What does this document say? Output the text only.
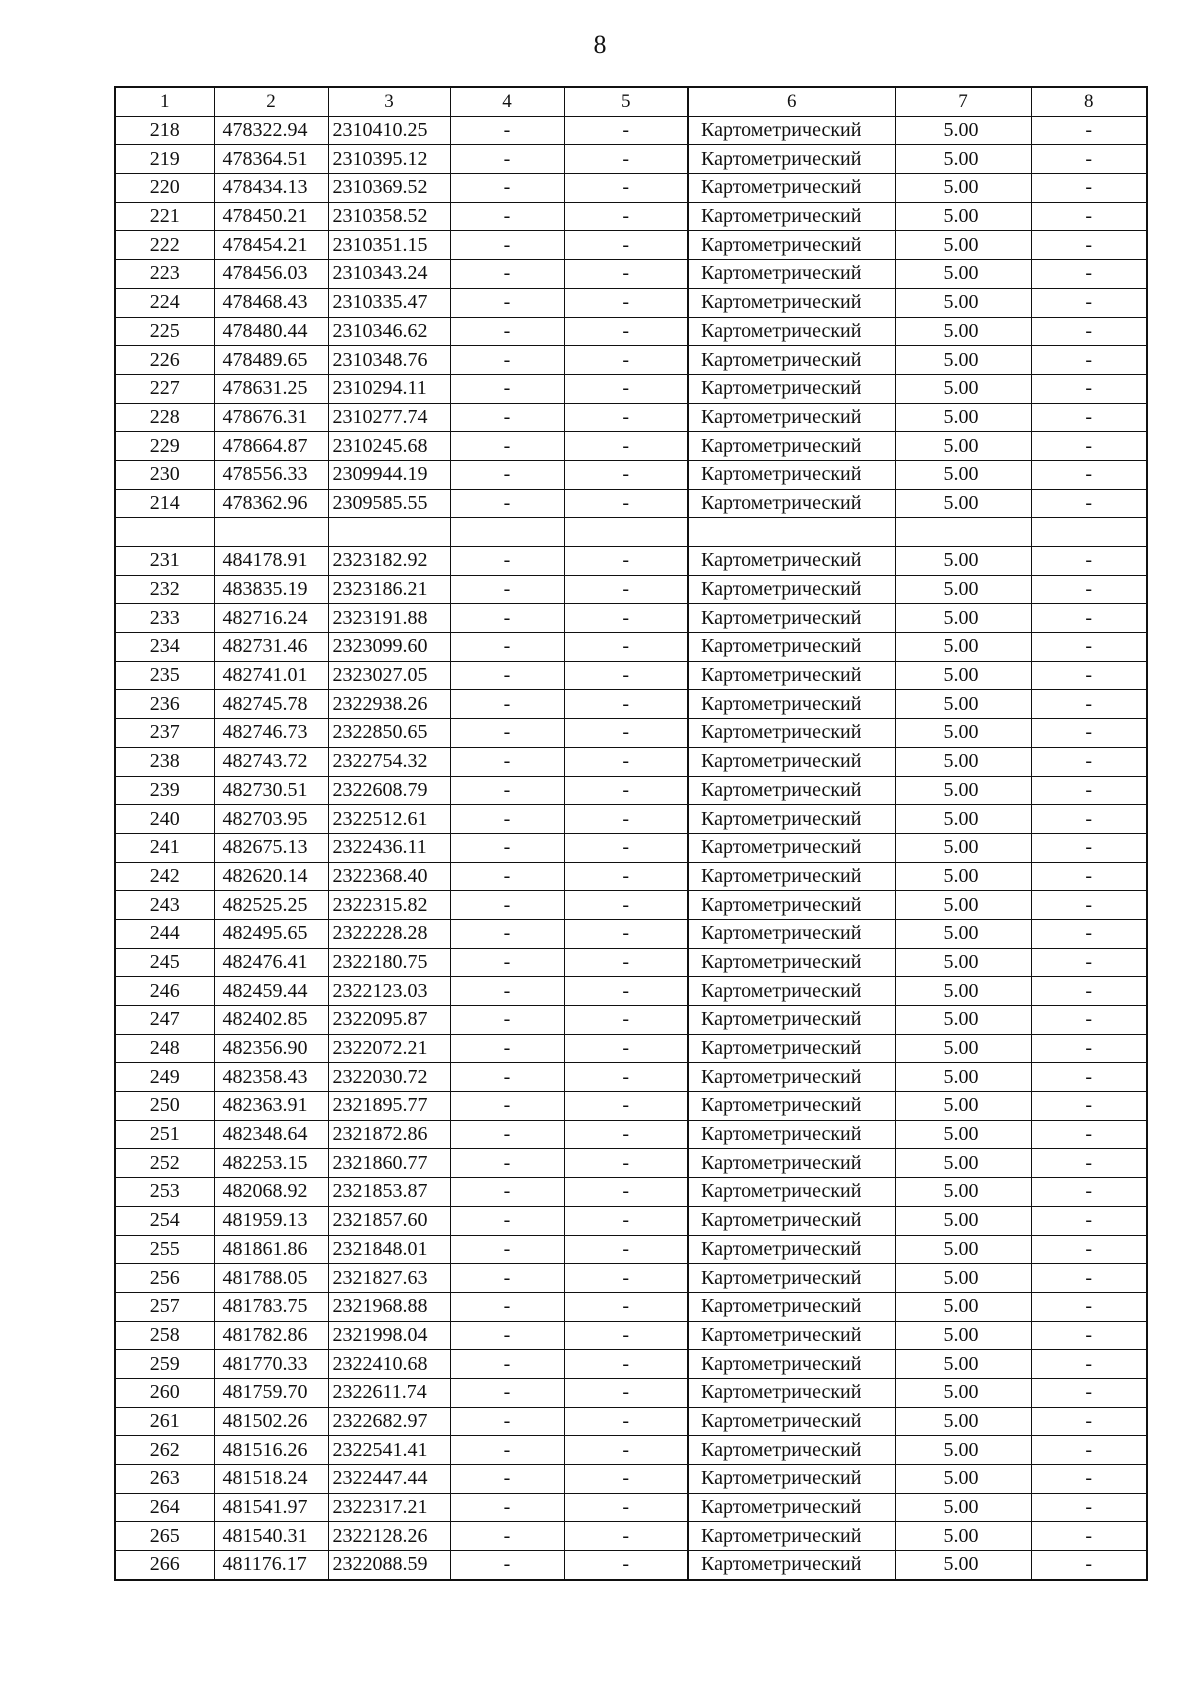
8
1	2	3	4	5	6	7	8
218	478322.94	2310410.25	-	-	Картометрический	5.00	-
219	478364.51	2310395.12	-	-	Картометрический	5.00	-
220	478434.13	2310369.52	-	-	Картометрический	5.00	-
221	478450.21	2310358.52	-	-	Картометрический	5.00	-
222	478454.21	2310351.15	-	-	Картометрический	5.00	-
223	478456.03	2310343.24	-	-	Картометрический	5.00	-
224	478468.43	2310335.47	-	-	Картометрический	5.00	-
225	478480.44	2310346.62	-	-	Картометрический	5.00	-
226	478489.65	2310348.76	-	-	Картометрический	5.00	-
227	478631.25	2310294.11	-	-	Картометрический	5.00	-
228	478676.31	2310277.74	-	-	Картометрический	5.00	-
229	478664.87	2310245.68	-	-	Картометрический	5.00	-
230	478556.33	2309944.19	-	-	Картометрический	5.00	-
214	478362.96	2309585.55	-	-	Картометрический	5.00	-

231	484178.91	2323182.92	-	-	Картометрический	5.00	-
232	483835.19	2323186.21	-	-	Картометрический	5.00	-
233	482716.24	2323191.88	-	-	Картометрический	5.00	-
234	482731.46	2323099.60	-	-	Картометрический	5.00	-
235	482741.01	2323027.05	-	-	Картометрический	5.00	-
236	482745.78	2322938.26	-	-	Картометрический	5.00	-
237	482746.73	2322850.65	-	-	Картометрический	5.00	-
238	482743.72	2322754.32	-	-	Картометрический	5.00	-
239	482730.51	2322608.79	-	-	Картометрический	5.00	-
240	482703.95	2322512.61	-	-	Картометрический	5.00	-
241	482675.13	2322436.11	-	-	Картометрический	5.00	-
242	482620.14	2322368.40	-	-	Картометрический	5.00	-
243	482525.25	2322315.82	-	-	Картометрический	5.00	-
244	482495.65	2322228.28	-	-	Картометрический	5.00	-
245	482476.41	2322180.75	-	-	Картометрический	5.00	-
246	482459.44	2322123.03	-	-	Картометрический	5.00	-
247	482402.85	2322095.87	-	-	Картометрический	5.00	-
248	482356.90	2322072.21	-	-	Картометрический	5.00	-
249	482358.43	2322030.72	-	-	Картометрический	5.00	-
250	482363.91	2321895.77	-	-	Картометрический	5.00	-
251	482348.64	2321872.86	-	-	Картометрический	5.00	-
252	482253.15	2321860.77	-	-	Картометрический	5.00	-
253	482068.92	2321853.87	-	-	Картометрический	5.00	-
254	481959.13	2321857.60	-	-	Картометрический	5.00	-
255	481861.86	2321848.01	-	-	Картометрический	5.00	-
256	481788.05	2321827.63	-	-	Картометрический	5.00	-
257	481783.75	2321968.88	-	-	Картометрический	5.00	-
258	481782.86	2321998.04	-	-	Картометрический	5.00	-
259	481770.33	2322410.68	-	-	Картометрический	5.00	-
260	481759.70	2322611.74	-	-	Картометрический	5.00	-
261	481502.26	2322682.97	-	-	Картометрический	5.00	-
262	481516.26	2322541.41	-	-	Картометрический	5.00	-
263	481518.24	2322447.44	-	-	Картометрический	5.00	-
264	481541.97	2322317.21	-	-	Картометрический	5.00	-
265	481540.31	2322128.26	-	-	Картометрический	5.00	-
266	481176.17	2322088.59	-	-	Картометрический	5.00	-
